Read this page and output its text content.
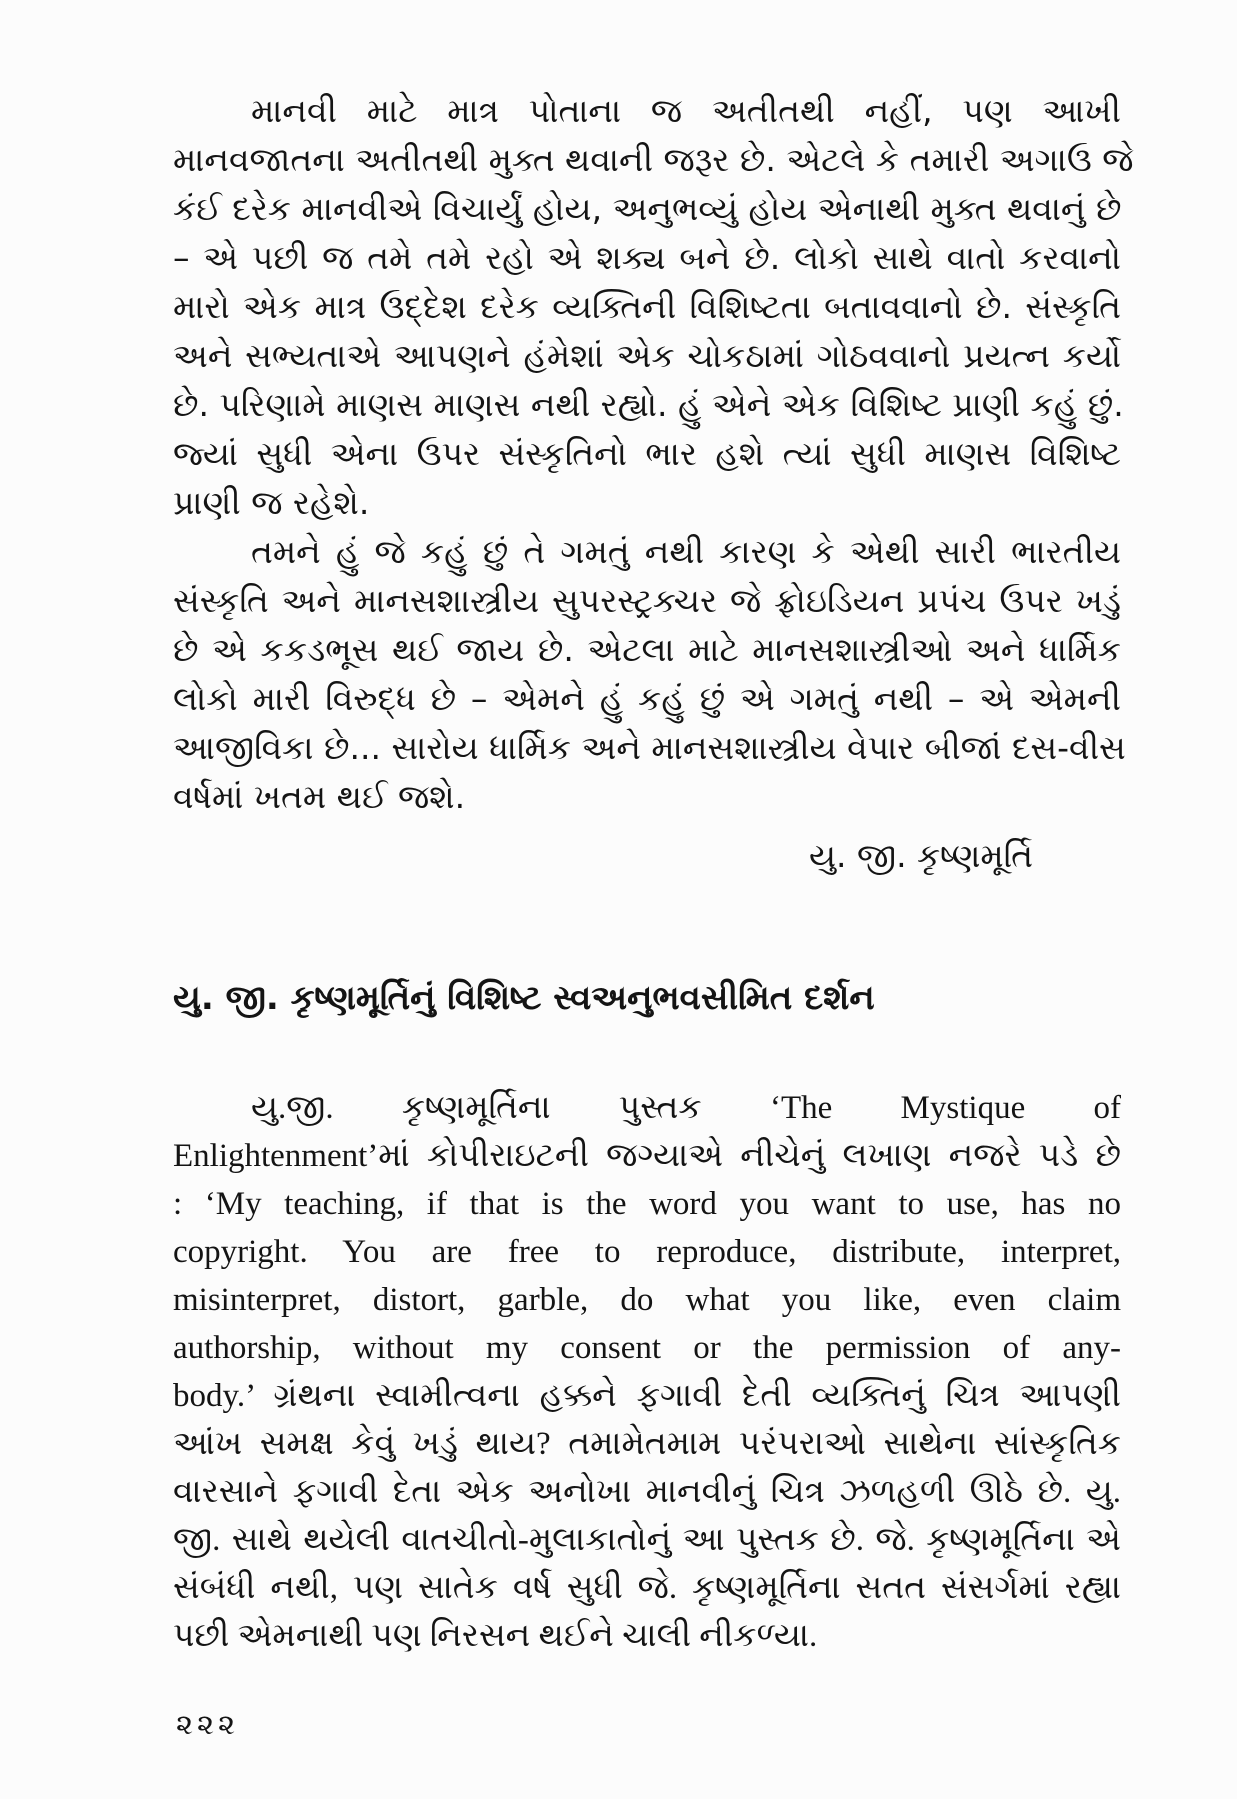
માનવી માટે માત્ર પોતાના જ અતીતથી નહીં, પણ આખી
માનવજાતના અતીતથી મુક્ત થવાની જરૂર છે. એટલે કે તમારી અગાઉ જે
કંઈ દરેક માનવીએ વિચાર્યું હોય, અનુભવ્યું હોય એનાથી મુક્ત થવાનું છે
– એ પછી જ તમે તમે રહો એ શક્ય બને છે. લોકો સાથે વાતો કરવાનો
મારો એક માત્ર ઉદ્દેશ દરેક વ્યક્તિની વિશિષ્ટતા બતાવવાનો છે. સંસ્કૃતિ
અને સભ્યતાએ આપણને હંમેશાં એક ચોકઠામાં ગોઠવવાનો પ્રયત્ન કર્યો
છે. પરિણામે માણસ માણસ નથી રહ્યો. હું એને એક વિશિષ્ટ પ્રાણી કહું છું.
જ્યાં સુધી એના ઉપર સંસ્કૃતિનો ભાર હશે ત્યાં સુધી માણસ વિશિષ્ટ
પ્રાણી જ રહેશે.
તમને હું જે કહું છું તે ગમતું નથી કારણ કે એથી સારી ભારતીય
સંસ્કૃતિ અને માનસશાસ્ત્રીય સુપરસ્ટ્રક્ચર જે ફ્રોઇડિયન પ્રપંચ ઉપર ખડું
છે એ કકડભૂસ થઈ જાય છે. એટલા માટે માનસશાસ્ત્રીઓ અને ધાર્મિક
લોકો મારી વિરુદ્ધ છે – એમને હું કહું છું એ ગમતું નથી – એ એમની
આજીવિકા છે... સારોય ધાર્મિક અને માનસશાસ્ત્રીય વેપાર બીજાં દસ-વીસ
વર્ષમાં ખતમ થઈ જશે.
યુ. જી. કૃષ્ણમૂર્તિ
યુ. જી. કૃષ્ણમૂર્તિનું વિશિષ્ટ સ્વઅનુભવસીમિત દર્શન
યુ.જી. કૃષ્ણમૂર્તિના પુસ્તક ‘The Mystique of
Enlightenment’માં કોપીરાઇટની જગ્યાએ નીચેનું લખાણ નજરે પડે છે
: ‘My teaching, if that is the word you want to use, has no
copyright. You are free to reproduce, distribute, interpret,
misinterpret, distort, garble, do what you like, even claim
authorship, without my consent or the permission of any-
body.’ ગ્રંથના સ્વામીત્વના હક્કને ફગાવી દેતી વ્યક્તિનું ચિત્ર આપણી
આંખ સમક્ષ કેવું ખડું થાય? તમામેતમામ પરંપરાઓ સાથેના સાંસ્કૃતિક
વારસાને ફગાવી દેતા એક અનોખા માનવીનું ચિત્ર ઝળહળી ઊઠે છે. યુ.
જી. સાથે થયેલી વાતચીતો-મુલાકાતોનું આ પુસ્તક છે. જે. કૃષ્ણમૂર્તિના એ
સંબંધી નથી, પણ સાતેક વર્ષ સુધી જે. કૃષ્ણમૂર્તિના સતત સંસર્ગમાં રહ્યા
પછી એમનાથી પણ નિરસન થઈને ચાલી નીકળ્યા.
૨૨૨
